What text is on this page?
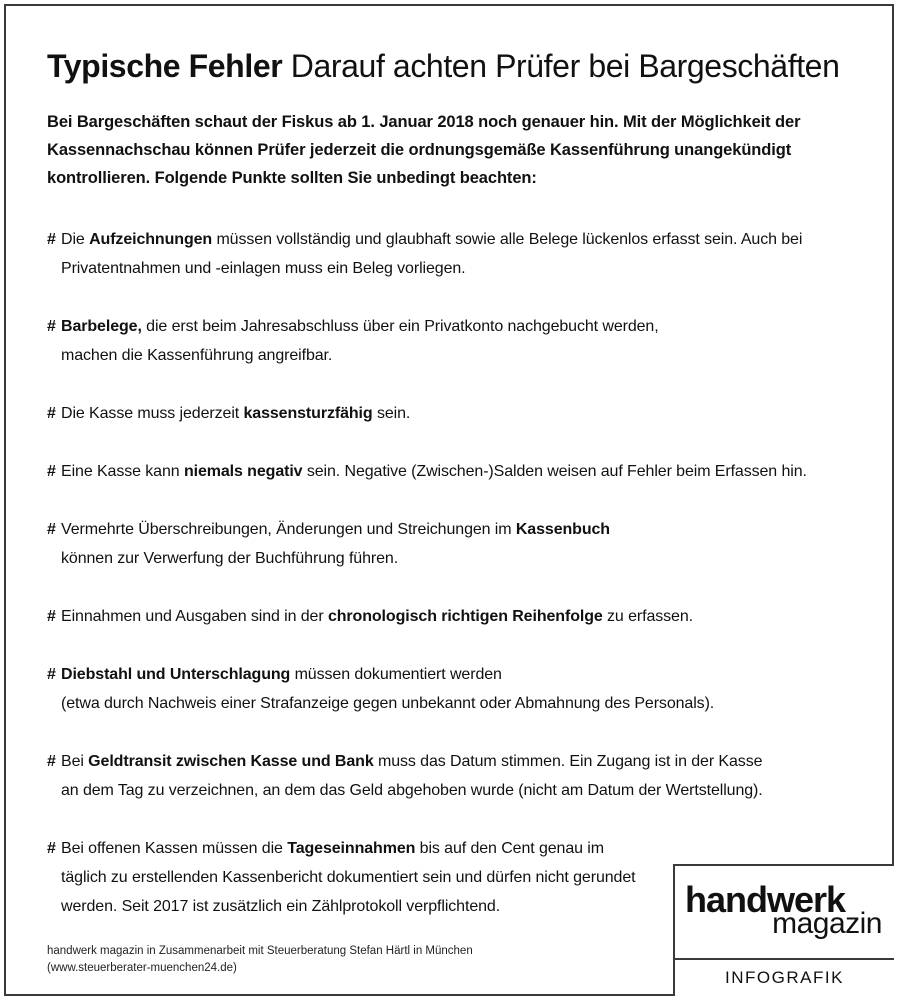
Typische Fehler Darauf achten Prüfer bei Bargeschäften

Bei Bargeschäften schaut der Fiskus ab 1. Januar 2018 noch genauer hin. Mit der Möglichkeit der Kassennachschau können Prüfer jederzeit die ordnungsgemäße Kassenführung unangekündigt kontrollieren. Folgende Punkte sollten Sie unbedingt beachten:

# Die Aufzeichnungen müssen vollständig und glaubhaft sowie alle Belege lückenlos erfasst sein. Auch bei
Privatentnahmen und -einlagen muss ein Beleg vorliegen.
# Barbelege, die erst beim Jahresabschluss über ein Privatkonto nachgebucht werden,
machen die Kassenführung angreifbar.
# Die Kasse muss jederzeit kassensturzfähig sein.
# Eine Kasse kann niemals negativ sein. Negative (Zwischen-)Salden weisen auf Fehler beim Erfassen hin.
# Vermehrte Überschreibungen, Änderungen und Streichungen im Kassenbuch
können zur Verwerfung der Buchführung führen.
# Einnahmen und Ausgaben sind in der chronologisch richtigen Reihenfolge zu erfassen.
# Diebstahl und Unterschlagung müssen dokumentiert werden
(etwa durch Nachweis einer Strafanzeige gegen unbekannt oder Abmahnung des Personals).
# Bei Geldtransit zwischen Kasse und Bank muss das Datum stimmen. Ein Zugang ist in der Kasse
an dem Tag zu verzeichnen, an dem das Geld abgehoben wurde (nicht am Datum der Wertstellung).
# Bei offenen Kassen müssen die Tageseinnahmen bis auf den Cent genau im
täglich zu erstellenden Kassenbericht dokumentiert sein und dürfen nicht gerundet
werden. Seit 2017 ist zusätzlich ein Zählprotokoll verpflichtend.
handwerk magazin in Zusammenarbeit mit Steuerberatung Stefan Härtl in München
(www.steuerberater-muenchen24.de)
handwerk
magazin
INFOGRAFIK
